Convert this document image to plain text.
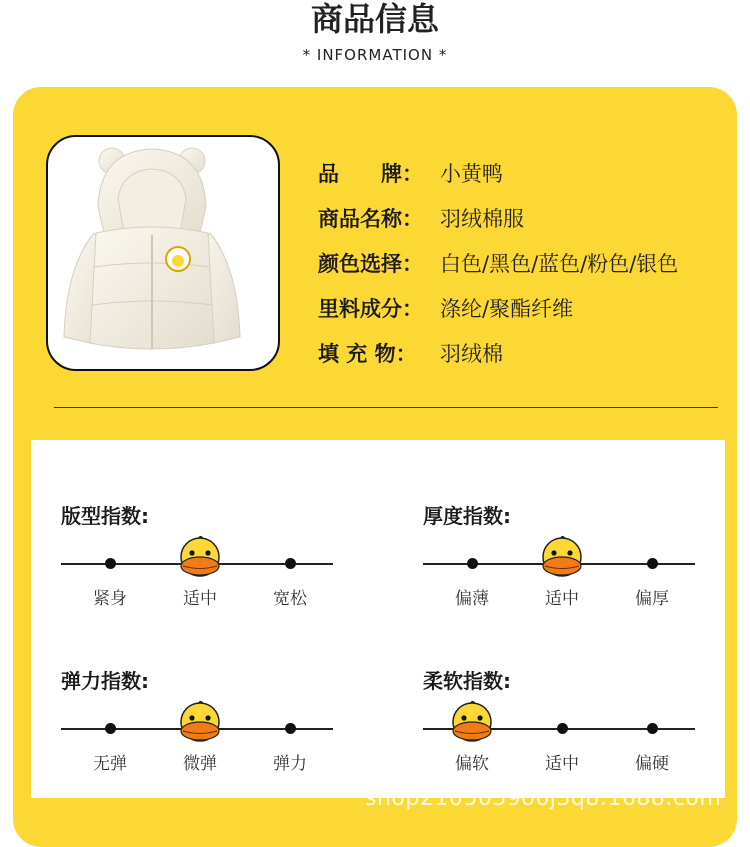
商品信息
* INFORMATION *
品　　牌： 小黄鸭
商品名称： 羽绒棉服
颜色选择： 白色/黑色/蓝色/粉色/银色
里料成分： 涤纶/聚酯纤维
填 充 物：	羽绒棉
版型指数:
紧身	适中	宽松
厚度指数:
偏薄	适中	偏厚
弹力指数:
无弹	微弹	弹力
柔软指数:
偏软	适中	偏硬
shop2105059o6j3q8.1688.com
